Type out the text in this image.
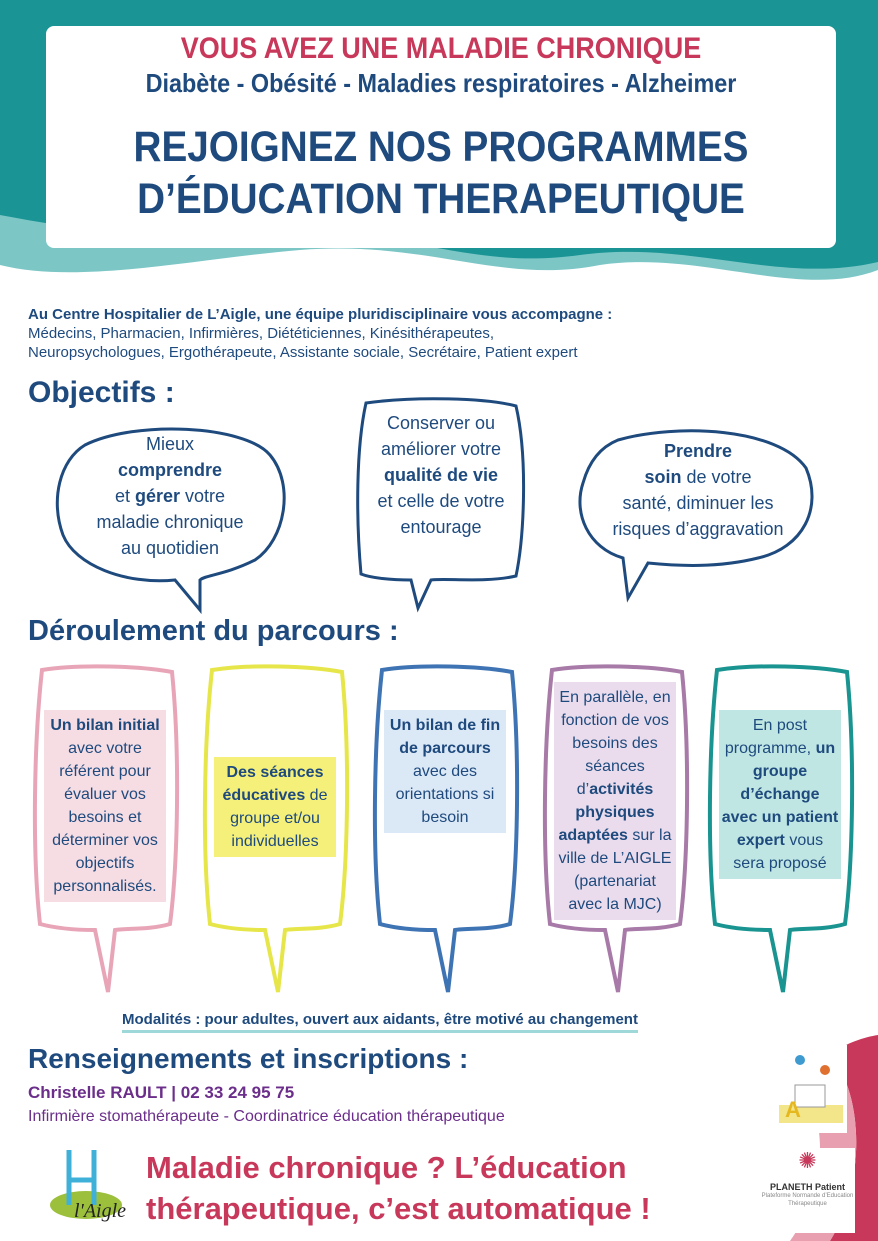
VOUS AVEZ UNE MALADIE CHRONIQUE
Diabète - Obésité - Maladies respiratoires - Alzheimer
REJOIGNEZ NOS PROGRAMMES
D’ÉDUCATION THERAPEUTIQUE
Au Centre Hospitalier de L’Aigle, une équipe pluridisciplinaire vous accompagne :
Médecins, Pharmacien, Infirmières, Diététiciennes, Kinésithérapeutes,
Neuropsychologues, Ergothérapeute, Assistante sociale, Secrétaire, Patient expert
Objectifs :
Mieux
comprendre
et gérer votre
maladie chronique
au quotidien
Conserver ou
améliorer votre
qualité de vie
et celle de votre
entourage
Prendre
soin de votre
santé, diminuer les
risques d’aggravation
Déroulement du parcours :
Un bilan initial avec votre référent pour évaluer vos besoins et déterminer vos objectifs personnalisés.
Des séances éducatives de groupe et/ou individuelles
Un bilan de fin de parcours avec des orientations si besoin
En parallèle, en fonction de vos besoins des séances d’activités physiques adaptées sur la ville de L’AIGLE (partenariat avec la MJC)
En post programme, un groupe d’échange avec un patient expert vous sera proposé
Modalités : pour adultes, ouvert aux aidants, être motivé au changement
Renseignements et inscriptions :
Christelle RAULT | 02 33 24 95 75
Infirmière stomathérapeute - Coordinatrice éducation thérapeutique
l'Aigle
Maladie chronique ? L’éducation
thérapeutique, c’est automatique !
A
✺
PLANETH Patient
Plateforme Normande d’Education Thérapeutique
